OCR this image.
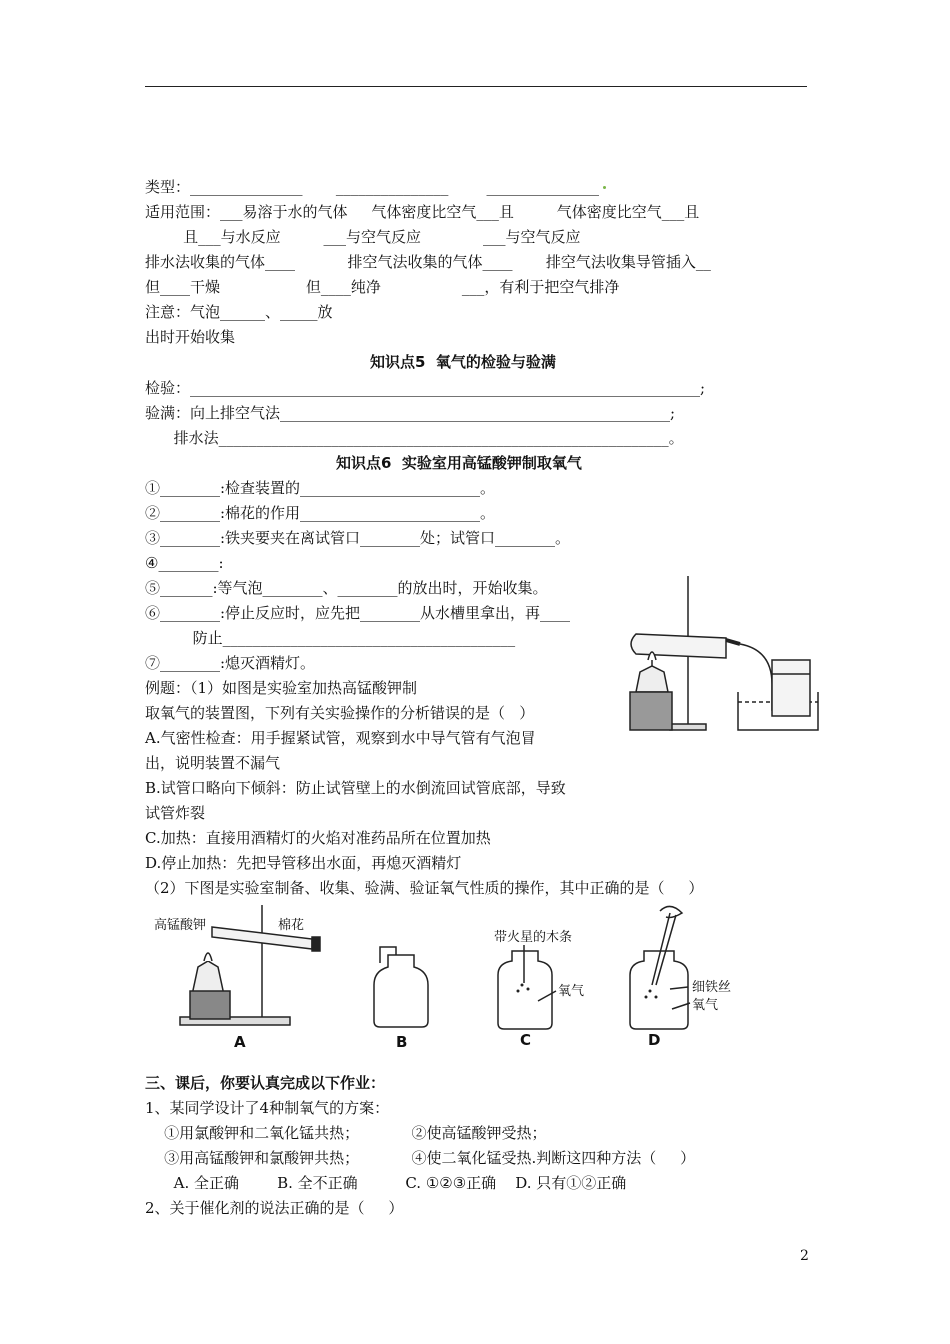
类型：_______________       _______________        _______________
适用范围：___易溶于水的气体     气体密度比空气___且         气体密度比空气___且
且___与水反应         ___与空气反应             ___与空气反应
排水法收集的气体____           排空气法收集的气体____       排空气法收集导管插入__
但____干燥                  但____纯净                 ___，有利于把空气排净
注意：气泡______、_____放
出时开始收集
知识点5  氧气的检验与验满
检验：____________________________________________________________________;
验满：向上排空气法____________________________________________________;
排水法____________________________________________________________。
知识点6  实验室用高锰酸钾制取氧气
①________:检查装置的________________________。
②________:棉花的作用________________________。
③________:铁夹要夹在离试管口________处；试管口________。
④________:
⑤_______:等气泡________、________的放出时，开始收集。
⑥________:停止反应时，应先把________从水槽里拿出，再____
防止_______________________________________
⑦________:熄灭酒精灯。
例题：（1）如图是实验室加热高锰酸钾制
取氧气的装置图，下列有关实验操作的分析错误的是（   ）
A.气密性检查：用手握紧试管，观察到水中导气管有气泡冒
出，说明装置不漏气
B.试管口略向下倾斜：防止试管壁上的水倒流回试管底部，导致
试管炸裂
C.加热：直接用酒精灯的火焰对准药品所在位置加热
D.停止加热：先把导管移出水面，再熄灭酒精灯
（2）下图是实验室制备、收集、验满、验证氧气性质的操作，其中正确的是（     ）
高锰酸钾	棉花
带火星的木条
氧气	细铁丝
氧气
A	B	C	D
三、课后，你要认真完成以下作业：
1、某同学设计了4种制氧气的方案：
①用氯酸钾和二氧化锰共热；           ②使高锰酸钾受热；
③用高锰酸钾和氯酸钾共热；           ④使二氧化锰受热.判断这四种方法（     ）
A. 全正确        B. 全不正确          C. ①②③正确    D. 只有①②正确
2、关于催化剂的说法正确的是（     ）
2
